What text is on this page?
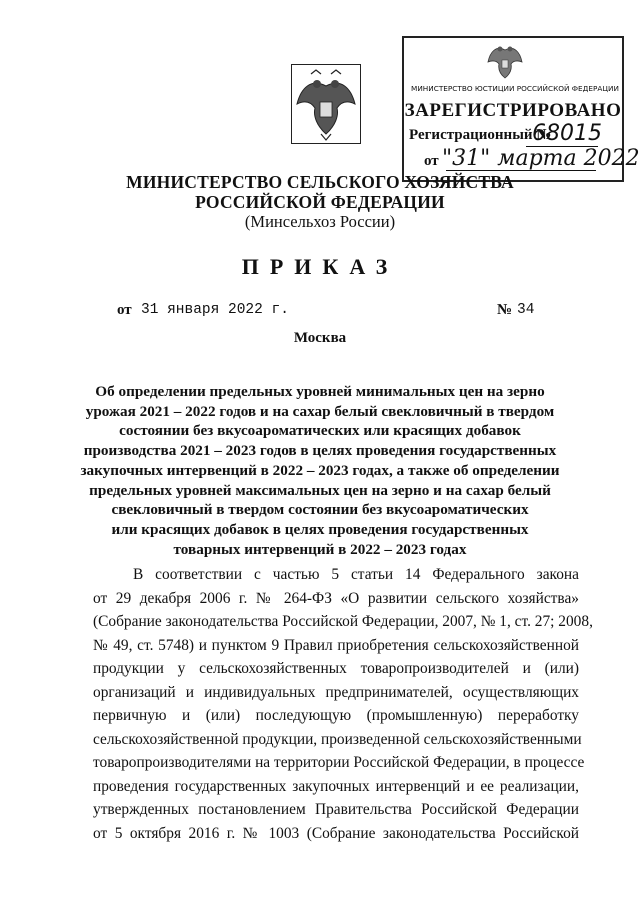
МИНИСТЕРСТВО ЮСТИЦИИ РОССИЙСКОЙ ФЕДЕРАЦИИ
ЗАРЕГИСТРИРОВАНО
Регистрационный №
68015
от "31" марта 2022
МИНИСТЕРСТВО СЕЛЬСКОГО ХОЗЯЙСТВА
РОССИЙСКОЙ ФЕДЕРАЦИИ
(Минсельхоз России)
ПРИКАЗ
от 31 января 2022 г.	№ 34
Москва
Об определении предельных уровней минимальных цен на зерно
урожая 2021 – 2022 годов и на сахар белый свекловичный в твердом
состоянии без вкусоароматических или красящих добавок
производства 2021 – 2023 годов в целях проведения государственных
закупочных интервенций в 2022 – 2023 годах, а также об определении
предельных уровней максимальных цен на зерно и на сахар белый
свекловичный в твердом состоянии без вкусоароматических
или красящих добавок в целях проведения государственных
товарных интервенций в 2022 – 2023 годах
В соответствии с частью 5 статьи 14 Федерального закона
от 29 декабря 2006 г. № 264-ФЗ «О развитии сельского хозяйства»
(Собрание законодательства Российской Федерации, 2007, № 1, ст. 27; 2008,
№ 49, ст. 5748) и пунктом 9 Правил приобретения сельскохозяйственной
продукции у сельскохозяйственных товаропроизводителей и (или)
организаций и индивидуальных предпринимателей, осуществляющих
первичную и (или) последующую (промышленную) переработку
сельскохозяйственной продукции, произведенной сельскохозяйственными
товаропроизводителями на территории Российской Федерации, в процессе
проведения государственных закупочных интервенций и ее реализации,
утвержденных постановлением Правительства Российской Федерации
от 5 октября 2016 г. № 1003 (Собрание законодательства Российской
